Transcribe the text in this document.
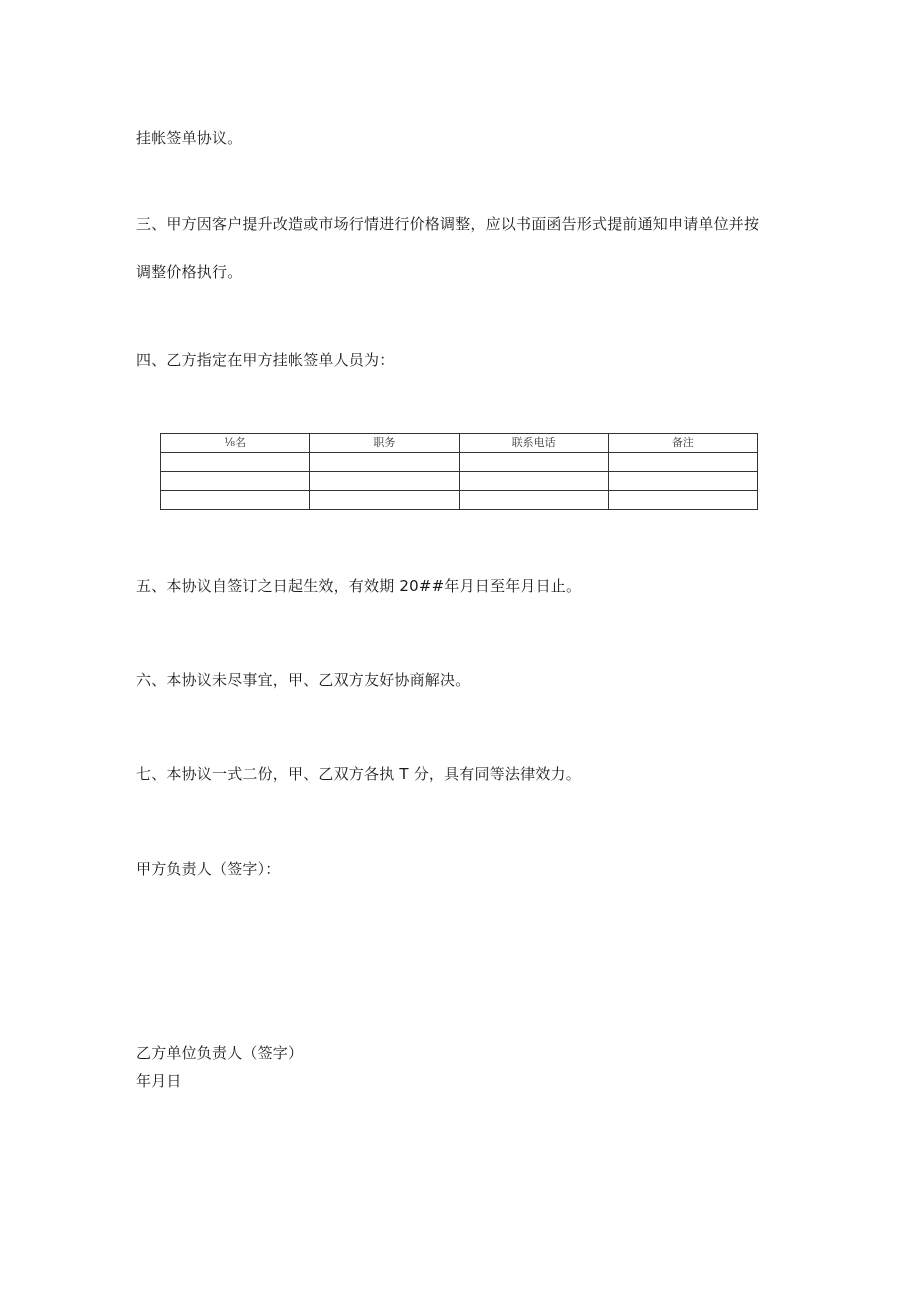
挂帐签单协议。
三、甲方因客户提升改造或市场行情进行价格调整，应以书面函告形式提前通知申请单位并按
调整价格执行。
四、乙方指定在甲方挂帐签单人员为：
⅛名	职务	联系电话	备注

五、本协议自签订之日起生效，有效期 20##年月日至年月日止。
六、本协议未尽事宜，甲、乙双方友好协商解决。
七、本协议一式二份，甲、乙双方各执 T 分，具有同等法律效力。
甲方负责人（签字）：
乙方单位负责人（签字）
年月日
